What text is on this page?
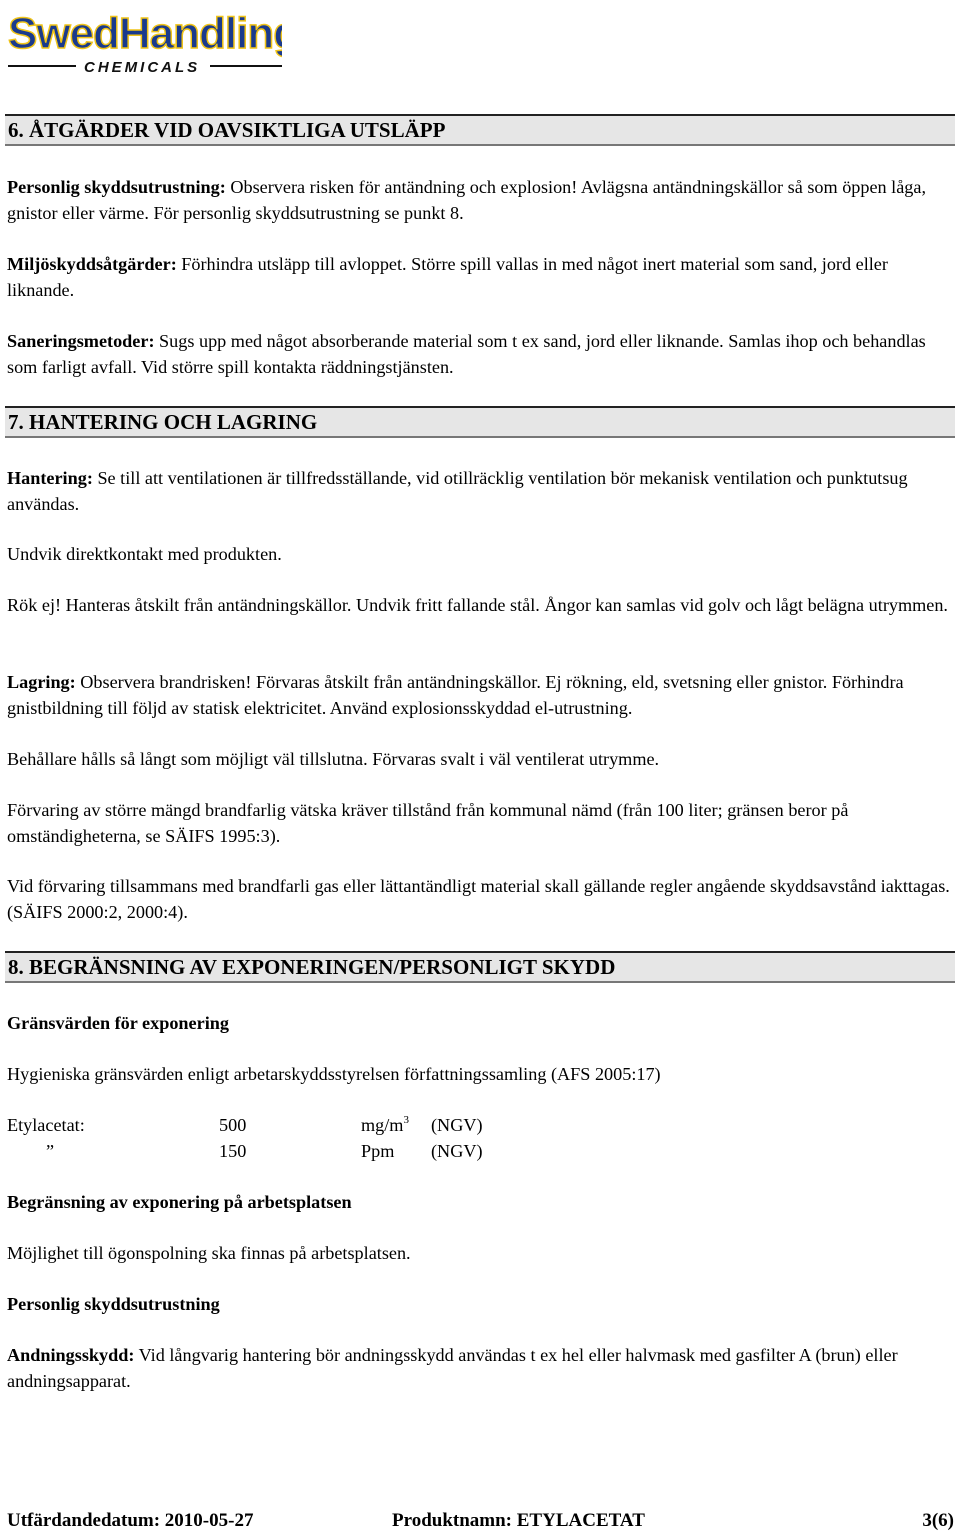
SwedHandling
CHEMICALS
6. ÅTGÄRDER VID OAVSIKTLIGA UTSLÄPP
Personlig skyddsutrustning: Observera risken för antändning och explosion! Avlägsna antändningskällor så som öppen låga, gnistor eller värme. För personlig skyddsutrustning se punkt 8.
Miljöskyddsåtgärder: Förhindra utsläpp till avloppet. Större spill vallas in med något inert material som sand, jord eller liknande.
Saneringsmetoder: Sugs upp med något absorberande material som t ex sand, jord eller liknande. Samlas ihop och behandlas som farligt avfall. Vid större spill kontakta räddningstjänsten.
7. HANTERING OCH LAGRING
Hantering: Se till att ventilationen är tillfredsställande, vid otillräcklig ventilation bör mekanisk ventilation och punktutsug användas.
Undvik direktkontakt med produkten.
Rök ej! Hanteras åtskilt från antändningskällor. Undvik fritt fallande stål. Ångor kan samlas vid golv och lågt belägna utrymmen.
Lagring: Observera brandrisken! Förvaras åtskilt från antändningskällor. Ej rökning, eld, svetsning eller gnistor. Förhindra gnistbildning till följd av statisk elektricitet. Använd explosionsskyddad el-utrustning.
Behållare hålls så långt som möjligt väl tillslutna. Förvaras svalt i väl ventilerat utrymme.
Förvaring av större mängd brandfarlig vätska kräver tillstånd från kommunal nämd (från 100 liter; gränsen beror på omständigheterna, se SÄIFS 1995:3).
Vid förvaring tillsammans med brandfarli gas eller lättantändligt material skall gällande regler angående skyddsavstånd iakttagas. (SÄIFS 2000:2, 2000:4).
8. BEGRÄNSNING AV EXPONERINGEN/PERSONLIGT SKYDD
Gränsvärden för exponering
Hygieniska gränsvärden enligt arbetarskyddsstyrelsen författningssamling (AFS 2005:17)
Etylacetat:	500	$mg/m^3$ (NGV)
”	150	Ppm (NGV)
Begränsning av exponering på arbetsplatsen
Möjlighet till ögonspolning ska finnas på arbetsplatsen.
Personlig skyddsutrustning
Andningsskydd: Vid långvarig hantering bör andningsskydd användas t ex hel eller halvmask med gasfilter A (brun) eller andningsapparat.
Utfärdandedatum: 2010-05-27	Produktnamn: ETYLACETAT	3(6)
